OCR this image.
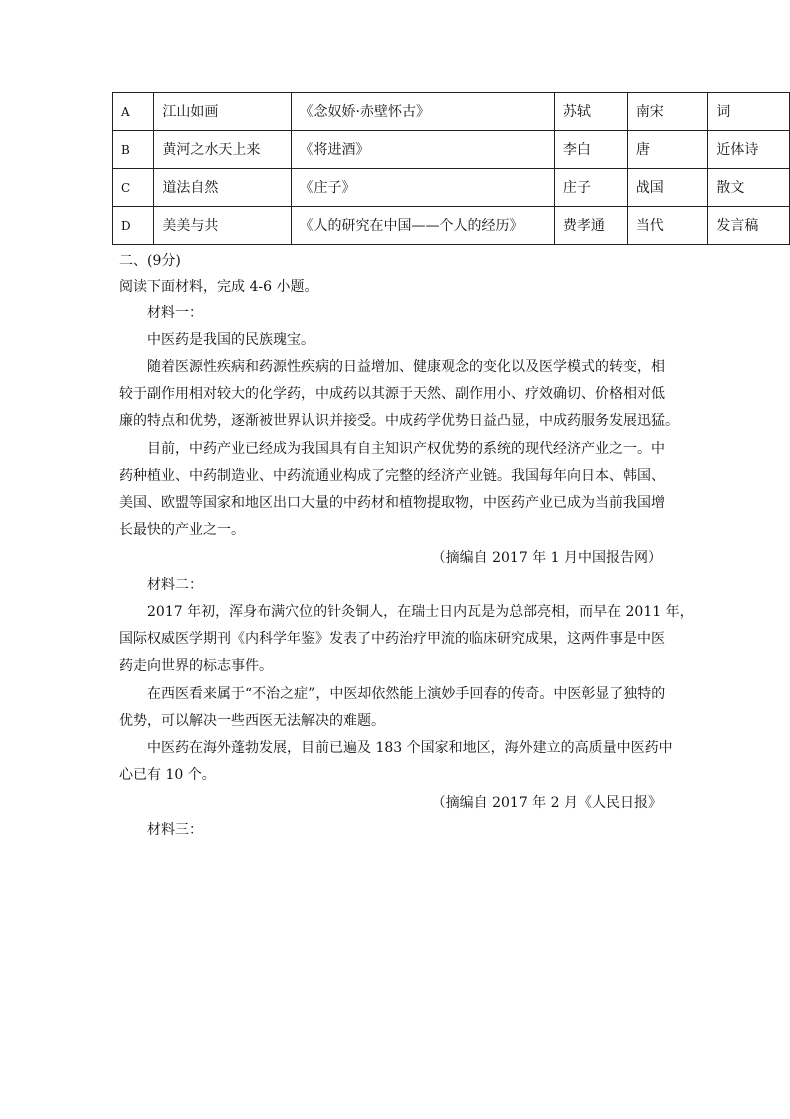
A	江山如画	《念奴娇·赤壁怀古》	苏轼	南宋	词
B	黄河之水天上来	《将进酒》	李白	唐	近体诗
C	道法自然	《庄子》	庄子	战国	散文
D	美美与共	《人的研究在中国——个人的经历》	费孝通	当代	发言稿
二、(9分)
阅读下面材料，完成 4-6 小题。
材料一：
中医药是我国的民族瑰宝。
随着医源性疾病和药源性疾病的日益增加、健康观念的变化以及医学模式的转变，相
较于副作用相对较大的化学药，中成药以其源于天然、副作用小、疗效确切、价格相对低
廉的特点和优势，逐渐被世界认识并接受。中成药学优势日益凸显，中成药服务发展迅猛。
目前，中药产业已经成为我国具有自主知识产权优势的系统的现代经济产业之一。中
药种植业、中药制造业、中药流通业构成了完整的经济产业链。我国每年向日本、韩国、
美国、欧盟等国家和地区出口大量的中药材和植物提取物，中医药产业已成为当前我国增
长最快的产业之一。
（摘编自 2017 年 1 月中国报告网）
材料二：
2017 年初，浑身布满穴位的针灸铜人，在瑞士日内瓦是为总部亮相，而早在 2011 年，
国际权威医学期刊《内科学年鉴》发表了中药治疗甲流的临床研究成果，这两件事是中医
药走向世界的标志事件。
在西医看来属于“不治之症”，中医却依然能上演妙手回春的传奇。中医彰显了独特的
优势，可以解决一些西医无法解决的难题。
中医药在海外蓬勃发展，目前已遍及 183 个国家和地区，海外建立的高质量中医药中
心已有 10 个。
（摘编自 2017 年 2 月《人民日报》
材料三：
